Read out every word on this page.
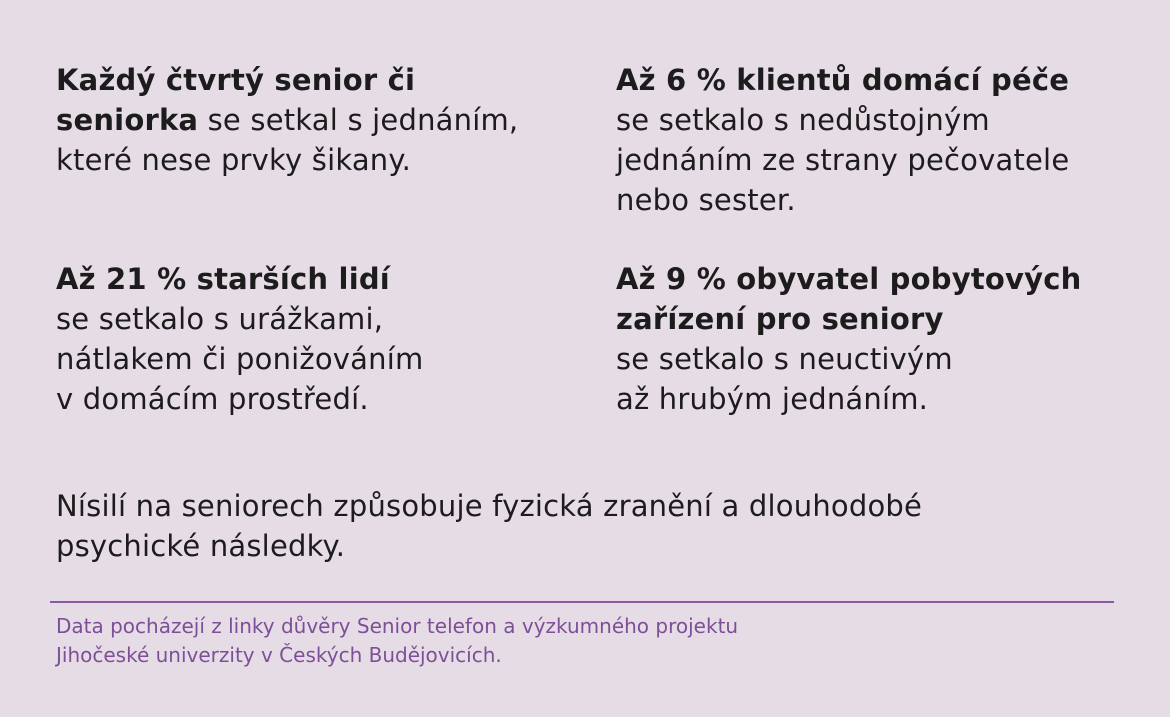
Každý čtvrtý senior či
seniorka se setkal s jednáním,
které nese prvky šikany.
Až 6 % klientů domácí péče
se setkalo s nedůstojným
jednáním ze strany pečovatele
nebo sester.
Až 21 % starších lidí
se setkalo s urážkami,
nátlakem či ponižováním
v domácím prostředí.
Až 9 % obyvatel pobytových
zařízení pro seniory
se setkalo s neuctivým
až hrubým jednáním.
Nísilí na seniorech způsobuje fyzická zranění a dlouhodobé
psychické následky.
Data pocházejí z linky důvěry Senior telefon a výzkumného projektu
Jihočeské univerzity v Českých Budějovicích.
